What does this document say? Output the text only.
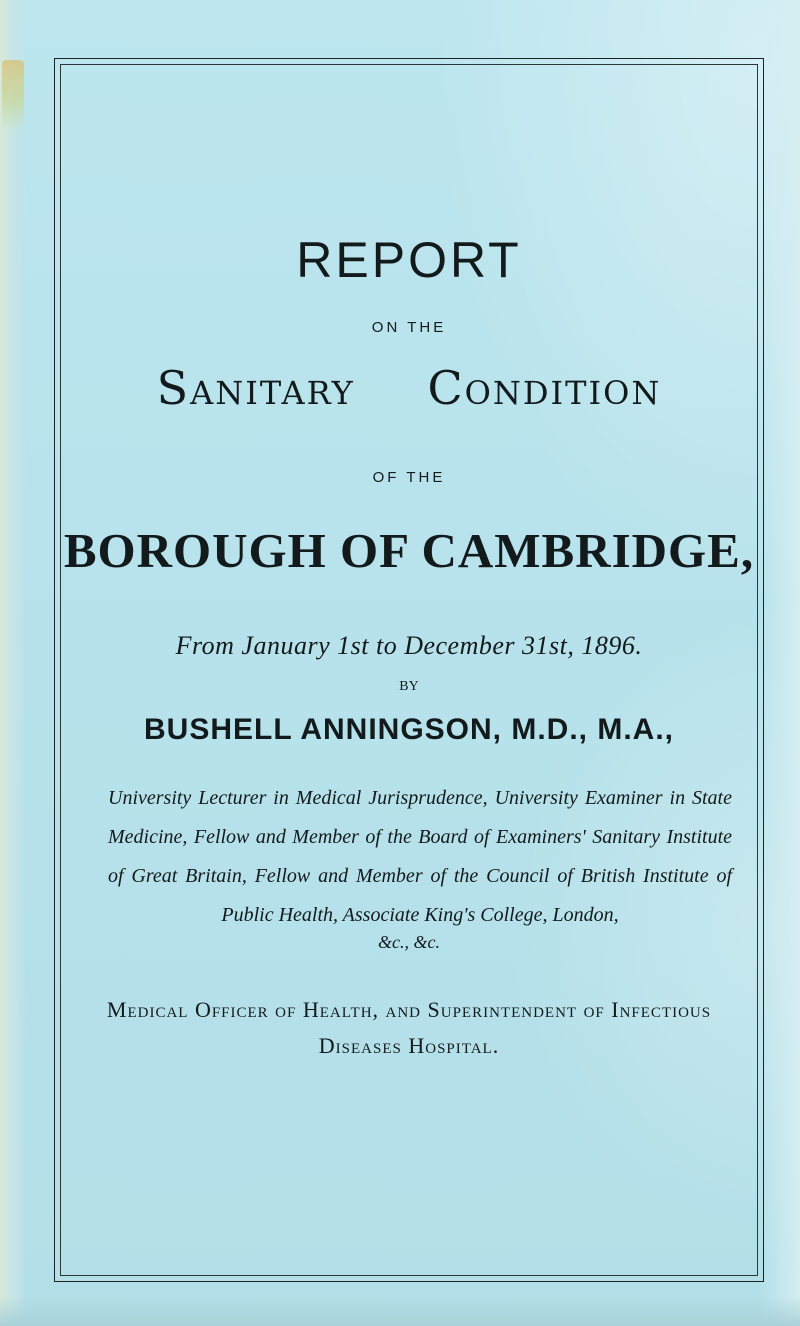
REPORT

ON THE

Sanitary Condition

OF THE

BOROUGH OF CAMBRIDGE,

From January 1st to December 31st, 1896.

BY

BUSHELL ANNINGSON, M.D., M.A.,

University Lecturer in Medical Jurisprudence, University Examiner in State Medicine, Fellow and Member of the Board of Examiners' Sanitary Institute of Great Britain, Fellow and Member of the Council of British Institute of Public Health, Associate King's College, London,

&c., &c.

Medical Officer of Health, and Superintendent of Infectious Diseases Hospital.
